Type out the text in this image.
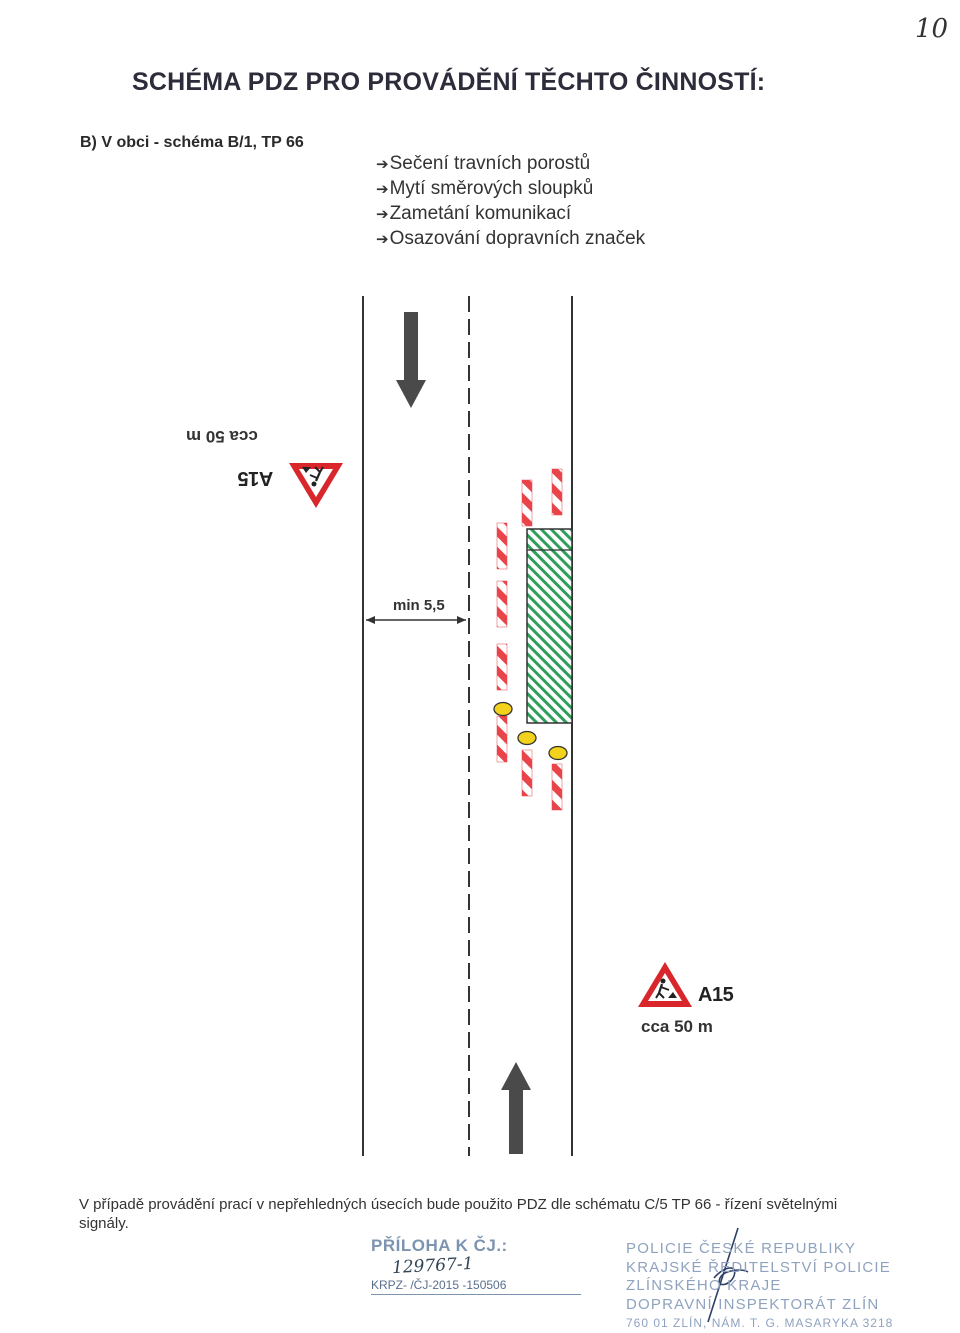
10
SCHÉMA PDZ PRO PROVÁDĚNÍ TĚCHTO ČINNOSTÍ:
B) V obci - schéma B/1, TP 66
➔Sečení travních porostů
➔Mytí směrových sloupků
➔Zametání komunikací
➔Osazování dopravních značek
A15
cca 50 m
A15
cca 50 m
min 5,5
V případě provádění prací v nepřehledných úsecích bude použito PDZ dle schématu C/5 TP 66 - řízení světelnými signály.
PŘÍLOHA K ČJ.:
129767-1
KRPZ- /ČJ-2015 -150506
POLICIE ČESKÉ REPUBLIKY
KRAJSKÉ ŘEDITELSTVÍ POLICIE
ZLÍNSKÉHO KRAJE
DOPRAVNÍ INSPEKTORÁT ZLÍN
760 01 ZLÍN, NÁM. T. G. MASARYKA 3218
